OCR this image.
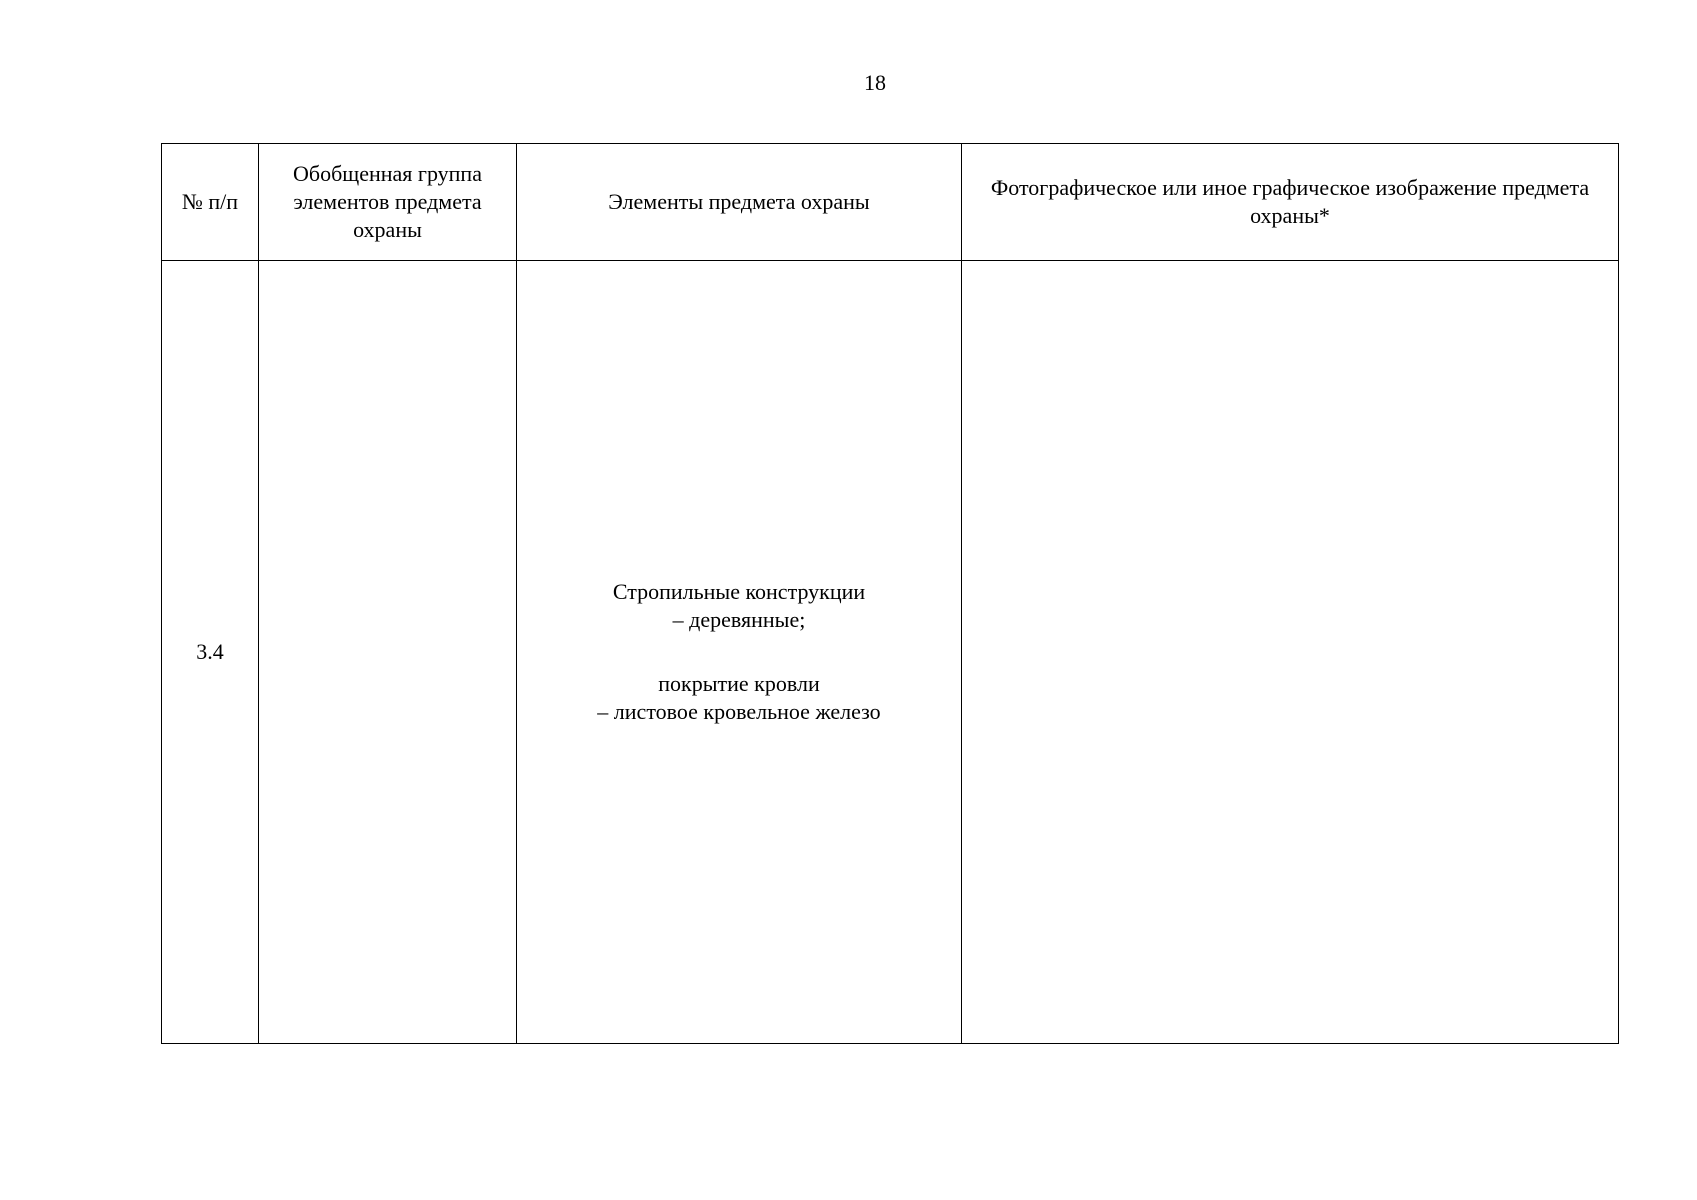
18
№ п/п	Обобщенная группа элементов предмета охраны	Элементы предмета охраны	Фотографическое или иное графическое изображение предмета охраны*
3.4		Стропильные конструкции
– деревянные;
покрытие кровли
– листовое кровельное железо	
